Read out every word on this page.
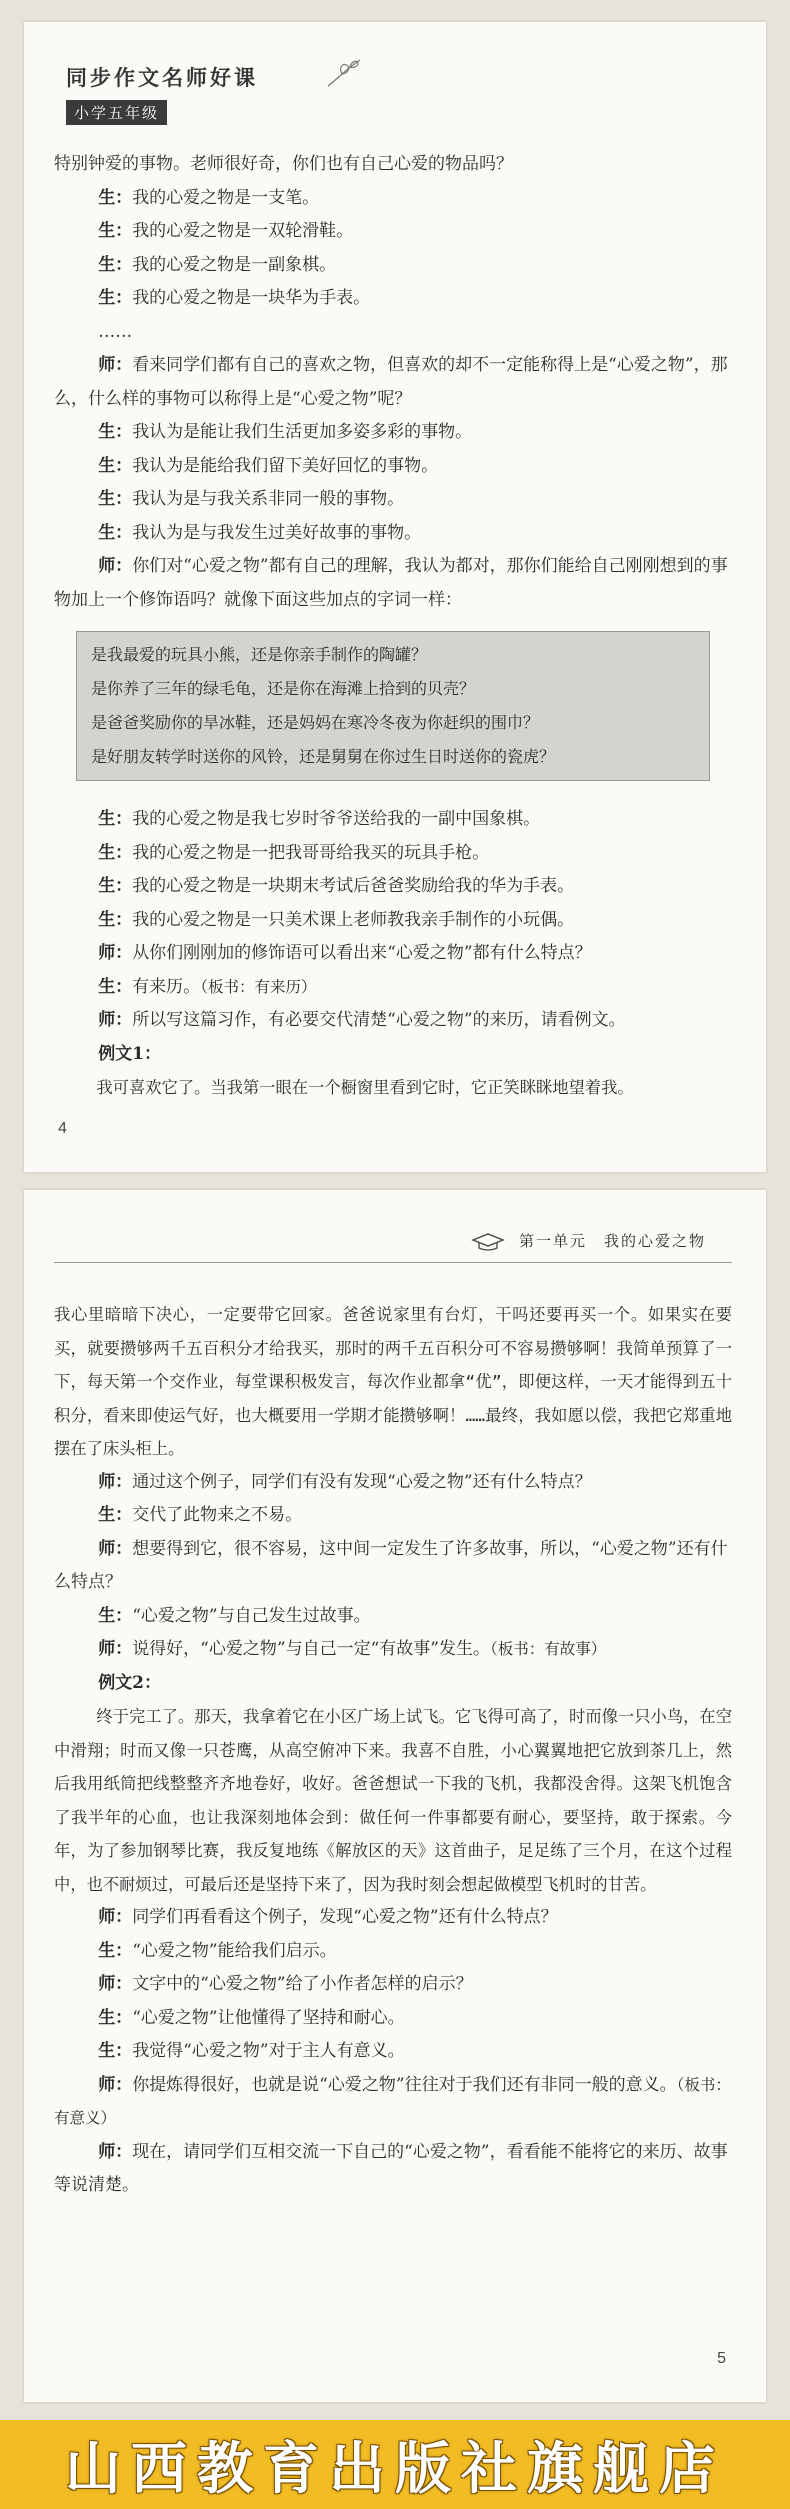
同步作文名师好课
小学五年级

特别钟爱的事物。老师很好奇，你们也有自己心爱的物品吗？

生：我的心爱之物是一支笔。

生：我的心爱之物是一双轮滑鞋。

生：我的心爱之物是一副象棋。

生：我的心爱之物是一块华为手表。

……

师：看来同学们都有自己的喜欢之物，但喜欢的却不一定能称得上是“心爱之物”，那么，什么样的事物可以称得上是“心爱之物”呢？

生：我认为是能让我们生活更加多姿多彩的事物。

生：我认为是能给我们留下美好回忆的事物。

生：我认为是与我关系非同一般的事物。

生：我认为是与我发生过美好故事的事物。

师：你们对“心爱之物”都有自己的理解，我认为都对，那你们能给自己刚刚想到的事物加上一个修饰语吗？就像下面这些加点的字词一样：

是我最爱的玩具小熊，还是你亲手制作的陶罐？

是你养了三年的绿毛龟，还是你在海滩上拾到的贝壳？

是爸爸奖励你的旱冰鞋，还是妈妈在寒冷冬夜为你赶织的围巾？

是好朋友转学时送你的风铃，还是舅舅在你过生日时送你的瓷虎？

生：我的心爱之物是我七岁时爷爷送给我的一副中国象棋。

生：我的心爱之物是一把我哥哥给我买的玩具手枪。

生：我的心爱之物是一块期末考试后爸爸奖励给我的华为手表。

生：我的心爱之物是一只美术课上老师教我亲手制作的小玩偶。

师：从你们刚刚加的修饰语可以看出来“心爱之物”都有什么特点？

生：有来历。（板书：有来历）

师：所以写这篇习作，有必要交代清楚“心爱之物”的来历，请看例文。

例文1：

我可喜欢它了。当我第一眼在一个橱窗里看到它时，它正笑眯眯地望着我。

4
第一单元　我的心爱之物

我心里暗暗下决心，一定要带它回家。爸爸说家里有台灯，干吗还要再买一个。如果实在要买，就要攒够两千五百积分才给我买，那时的两千五百积分可不容易攒够啊！我简单预算了一下，每天第一个交作业，每堂课积极发言，每次作业都拿“优”，即便这样，一天才能得到五十积分，看来即使运气好，也大概要用一学期才能攒够啊！……最终，我如愿以偿，我把它郑重地摆在了床头柜上。

师：通过这个例子，同学们有没有发现“心爱之物”还有什么特点？

生：交代了此物来之不易。

师：想要得到它，很不容易，这中间一定发生了许多故事，所以，“心爱之物”还有什么特点？

生：“心爱之物”与自己发生过故事。

师：说得好，“心爱之物”与自己一定“有故事”发生。（板书：有故事）

例文2：

终于完工了。那天，我拿着它在小区广场上试飞。它飞得可高了，时而像一只小鸟，在空中滑翔；时而又像一只苍鹰，从高空俯冲下来。我喜不自胜，小心翼翼地把它放到茶几上，然后我用纸筒把线整整齐齐地卷好，收好。爸爸想试一下我的飞机，我都没舍得。这架飞机饱含了我半年的心血，也让我深刻地体会到：做任何一件事都要有耐心，要坚持，敢于探索。今年，为了参加钢琴比赛，我反复地练《解放区的天》这首曲子，足足练了三个月，在这个过程中，也不耐烦过，可最后还是坚持下来了，因为我时刻会想起做模型飞机时的甘苦。

师：同学们再看看这个例子，发现“心爱之物”还有什么特点？

生：“心爱之物”能给我们启示。

师：文字中的“心爱之物”给了小作者怎样的启示？

生：“心爱之物”让他懂得了坚持和耐心。

生：我觉得“心爱之物”对于主人有意义。

师：你提炼得很好，也就是说“心爱之物”往往对于我们还有非同一般的意义。（板书：有意义）

师：现在，请同学们互相交流一下自己的“心爱之物”，看看能不能将它的来历、故事等说清楚。

5
山西教育出版社旗舰店
